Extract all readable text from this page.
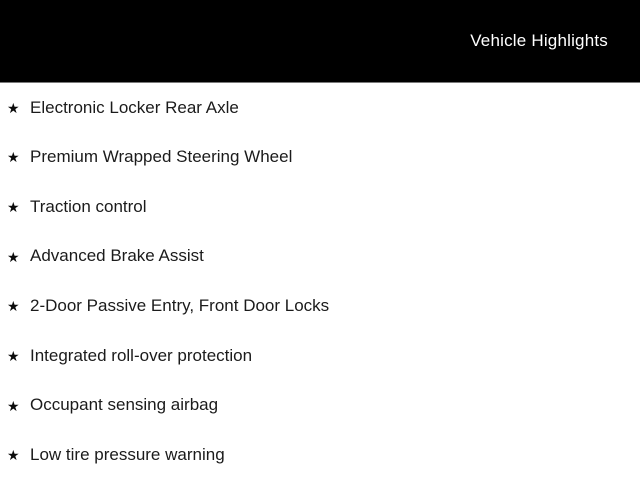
Vehicle Highlights
★ Electronic Locker Rear Axle
★ Premium Wrapped Steering Wheel
★ Traction control
★ Advanced Brake Assist
★ 2-Door Passive Entry, Front Door Locks
★ Integrated roll-over protection
★ Occupant sensing airbag
★ Low tire pressure warning
